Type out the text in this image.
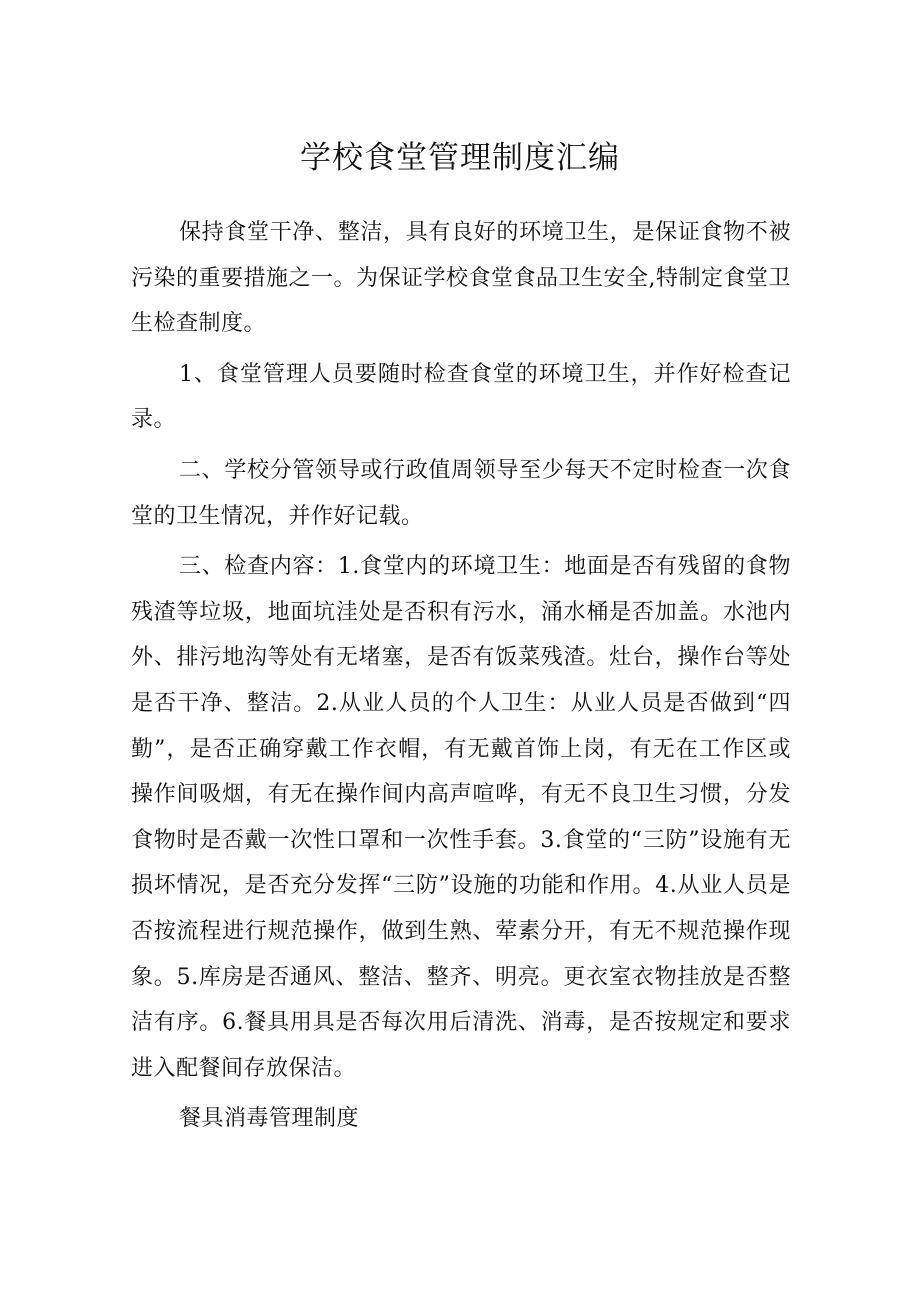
学校食堂管理制度汇编

保持食堂干净、整洁，具有良好的环境卫生，是保证食物不被污染的重要措施之一。为保证学校食堂食品卫生安全,特制定食堂卫生检查制度。

1、食堂管理人员要随时检查食堂的环境卫生，并作好检查记录。

二、学校分管领导或行政值周领导至少每天不定时检查一次食堂的卫生情况，并作好记载。

三、检查内容：1.食堂内的环境卫生：地面是否有残留的食物残渣等垃圾，地面坑洼处是否积有污水，涌水桶是否加盖。水池内外、排污地沟等处有无堵塞，是否有饭菜残渣。灶台，操作台等处是否干净、整洁。2.从业人员的个人卫生：从业人员是否做到“四勤”，是否正确穿戴工作衣帽，有无戴首饰上岗，有无在工作区或操作间吸烟，有无在操作间内高声喧哗，有无不良卫生习惯，分发食物时是否戴一次性口罩和一次性手套。3.食堂的“三防”设施有无损坏情况，是否充分发挥“三防”设施的功能和作用。4.从业人员是否按流程进行规范操作，做到生熟、荤素分开，有无不规范操作现象。5.库房是否通风、整洁、整齐、明亮。更衣室衣物挂放是否整洁有序。6.餐具用具是否每次用后清洗、消毒，是否按规定和要求进入配餐间存放保洁。

餐具消毒管理制度
